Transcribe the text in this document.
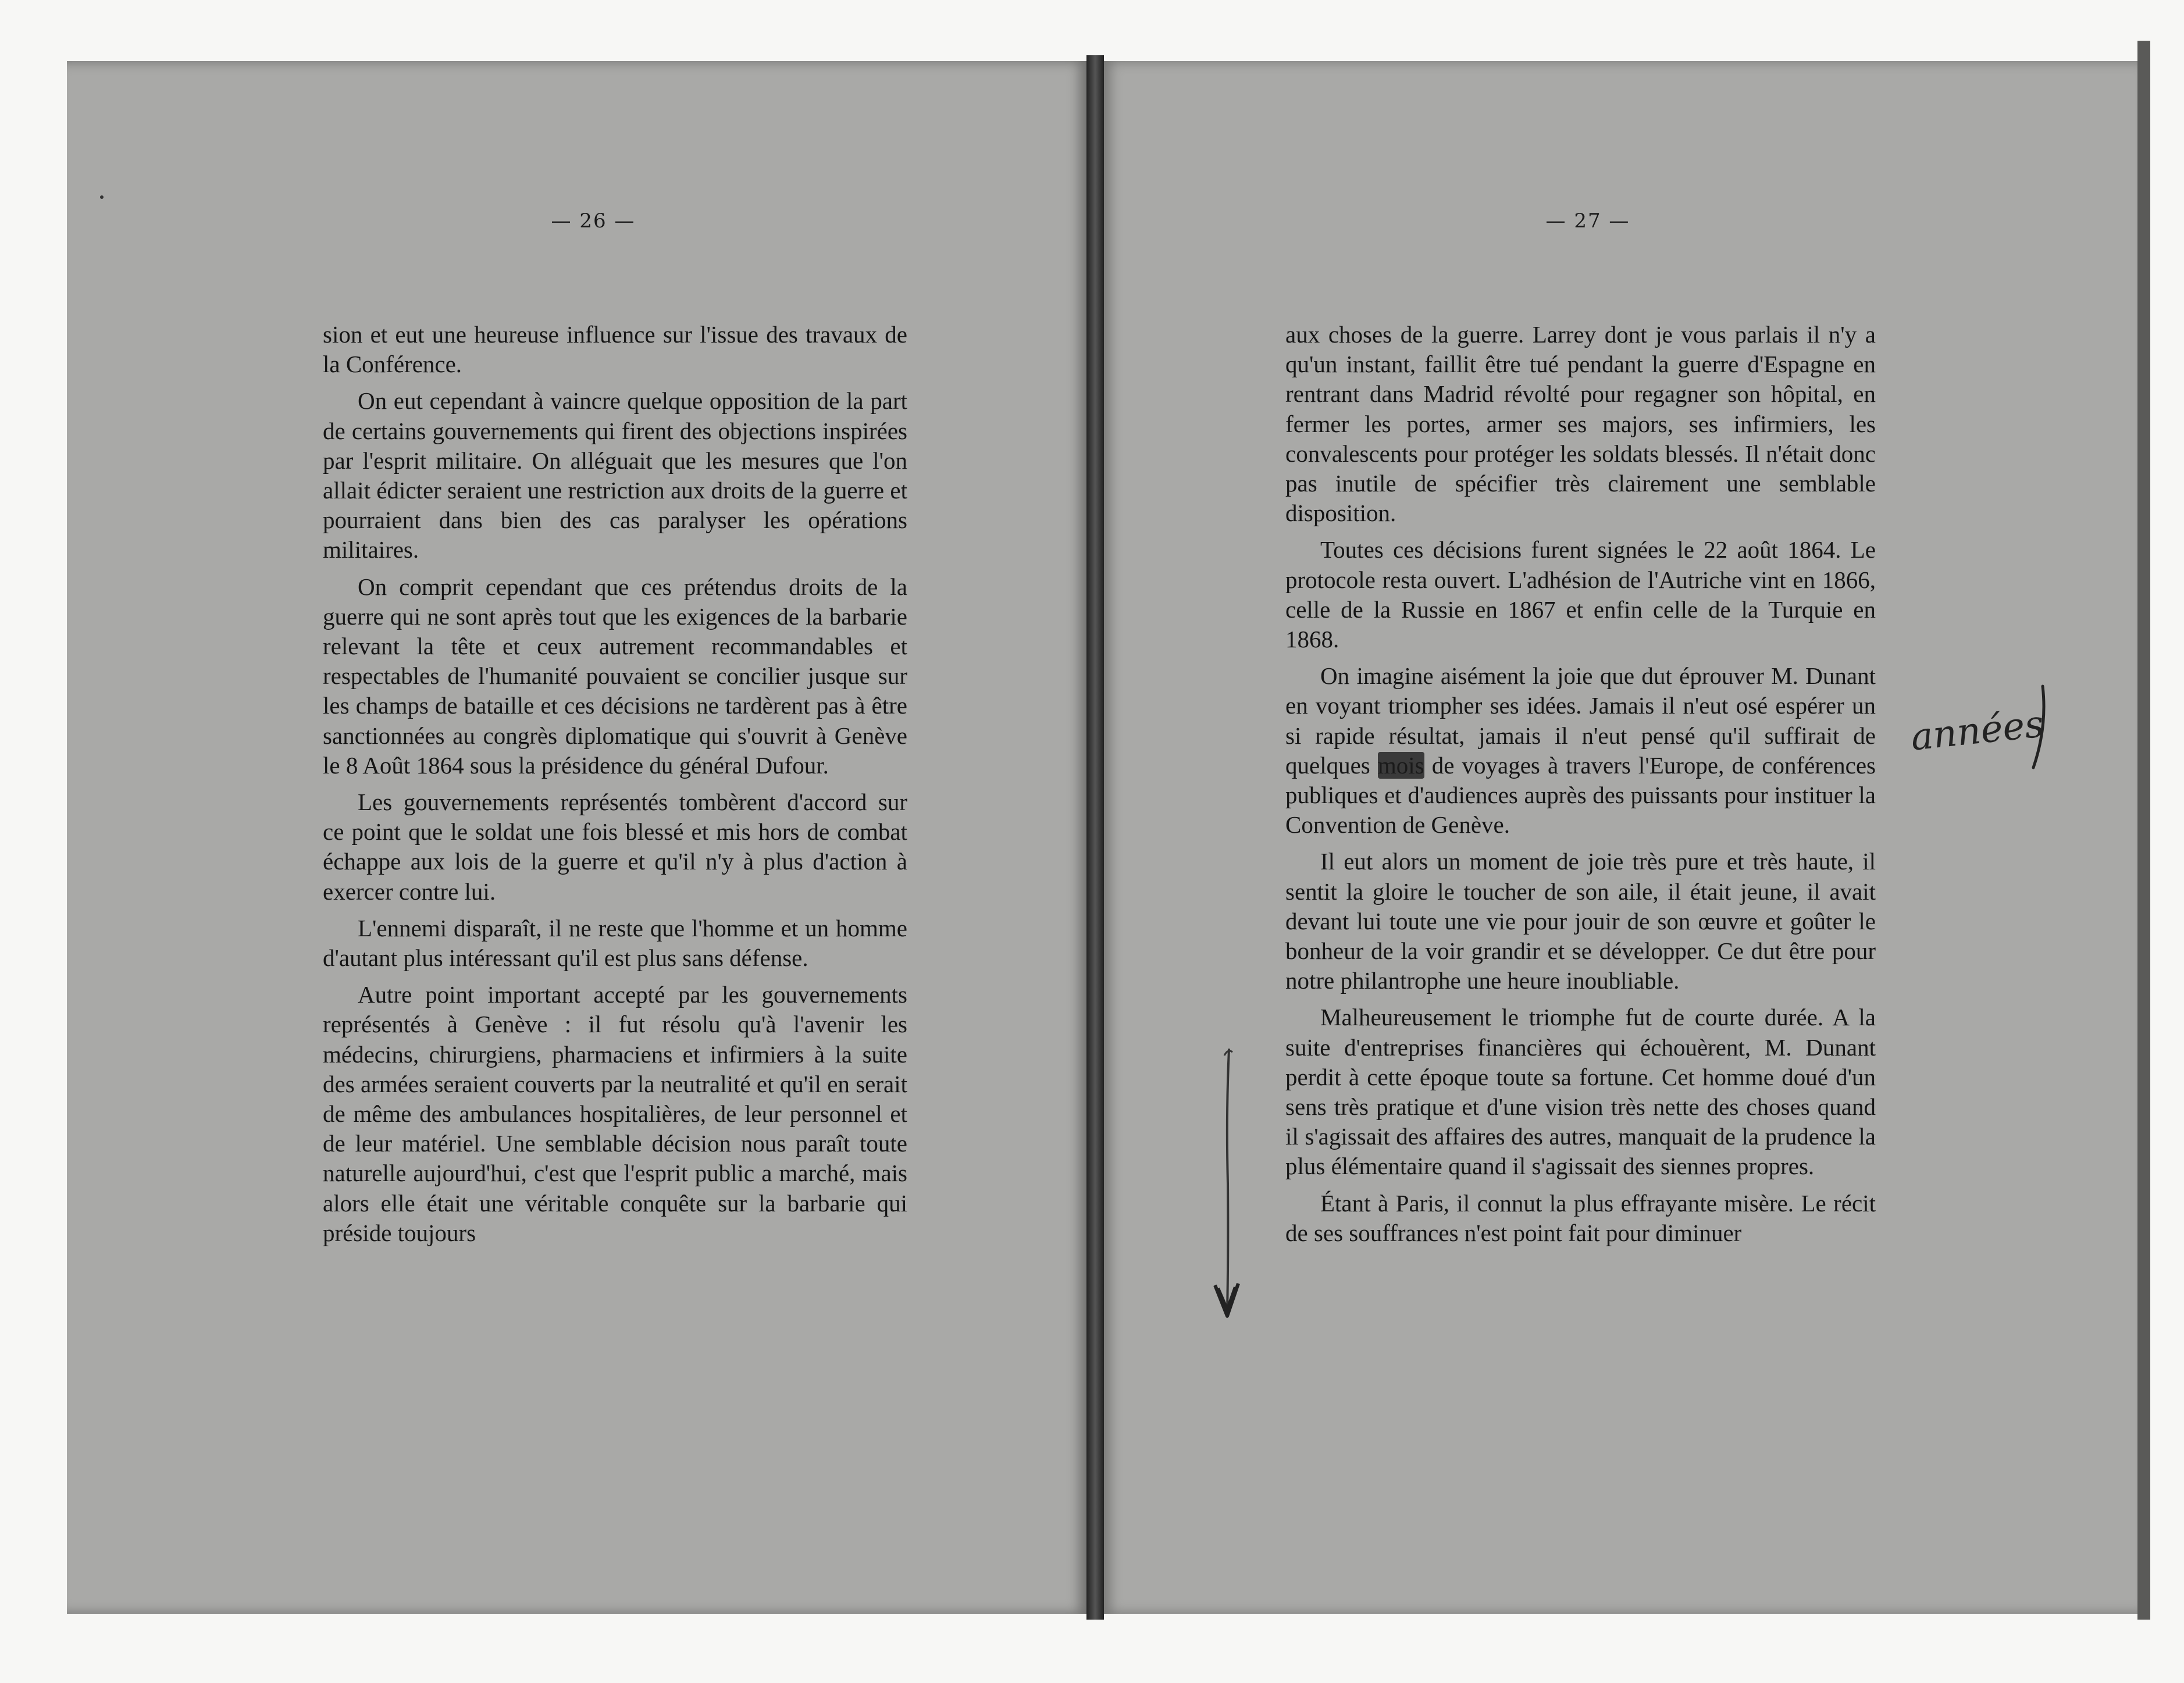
— 26 —	— 27 —

sion et eut une heureuse influence sur l'issue des travaux de la Conférence.

On eut cependant à vaincre quelque opposition de la part de certains gouvernements qui firent des objections inspirées par l'esprit militaire. On alléguait que les mesures que l'on allait édicter seraient une restriction aux droits de la guerre et pourraient dans bien des cas paralyser les opérations militaires.

On comprit cependant que ces prétendus droits de la guerre qui ne sont après tout que les exigences de la barbarie relevant la tête et ceux autrement recommandables et respectables de l'humanité pouvaient se concilier jusque sur les champs de bataille et ces décisions ne tardèrent pas à être sanctionnées au congrès diplomatique qui s'ouvrit à Genève le 8 Août 1864 sous la présidence du général Dufour.

Les gouvernements représentés tombèrent d'accord sur ce point que le soldat une fois blessé et mis hors de combat échappe aux lois de la guerre et qu'il n'y à plus d'action à exercer contre lui.

L'ennemi disparaît, il ne reste que l'homme et un homme d'autant plus intéressant qu'il est plus sans défense.

Autre point important accepté par les gouvernements représentés à Genève : il fut résolu qu'à l'avenir les médecins, chirurgiens, pharmaciens et infirmiers à la suite des armées seraient couverts par la neutralité et qu'il en serait de même des ambulances hospitalières, de leur personnel et de leur matériel. Une semblable décision nous paraît toute naturelle aujourd'hui, c'est que l'esprit public a marché, mais alors elle était une véritable conquête sur la barbarie qui préside toujours

aux choses de la guerre. Larrey dont je vous parlais il n'y a qu'un instant, faillit être tué pendant la guerre d'Espagne en rentrant dans Madrid révolté pour regagner son hôpital, en fermer les portes, armer ses majors, ses infirmiers, les convalescents pour protéger les soldats blessés. Il n'était donc pas inutile de spécifier très clairement une semblable disposition.

Toutes ces décisions furent signées le 22 août 1864. Le protocole resta ouvert. L'adhésion de l'Autriche vint en 1866, celle de la Russie en 1867 et enfin celle de la Turquie en 1868.

On imagine aisément la joie que dut éprouver M. Dunant en voyant triompher ses idées. Jamais il n'eut osé espérer un si rapide résultat, jamais il n'eut pensé qu'il suffirait de quelques mois de voyages à travers l'Europe, de conférences publiques et d'audiences auprès des puissants pour instituer la Convention de Genève.

Il eut alors un moment de joie très pure et très haute, il sentit la gloire le toucher de son aile, il était jeune, il avait devant lui toute une vie pour jouir de son œuvre et goûter le bonheur de la voir grandir et se développer. Ce dut être pour notre philantrophe une heure inoubliable.

Malheureusement le triomphe fut de courte durée. A la suite d'entreprises financières qui échouèrent, M. Dunant perdit à cette époque toute sa fortune. Cet homme doué d'un sens très pratique et d'une vision très nette des choses quand il s'agissait des affaires des autres, manquait de la prudence la plus élémentaire quand il s'agissait des siennes propres.

Étant à Paris, il connut la plus effrayante misère. Le récit de ses souffrances n'est point fait pour diminuer

années
